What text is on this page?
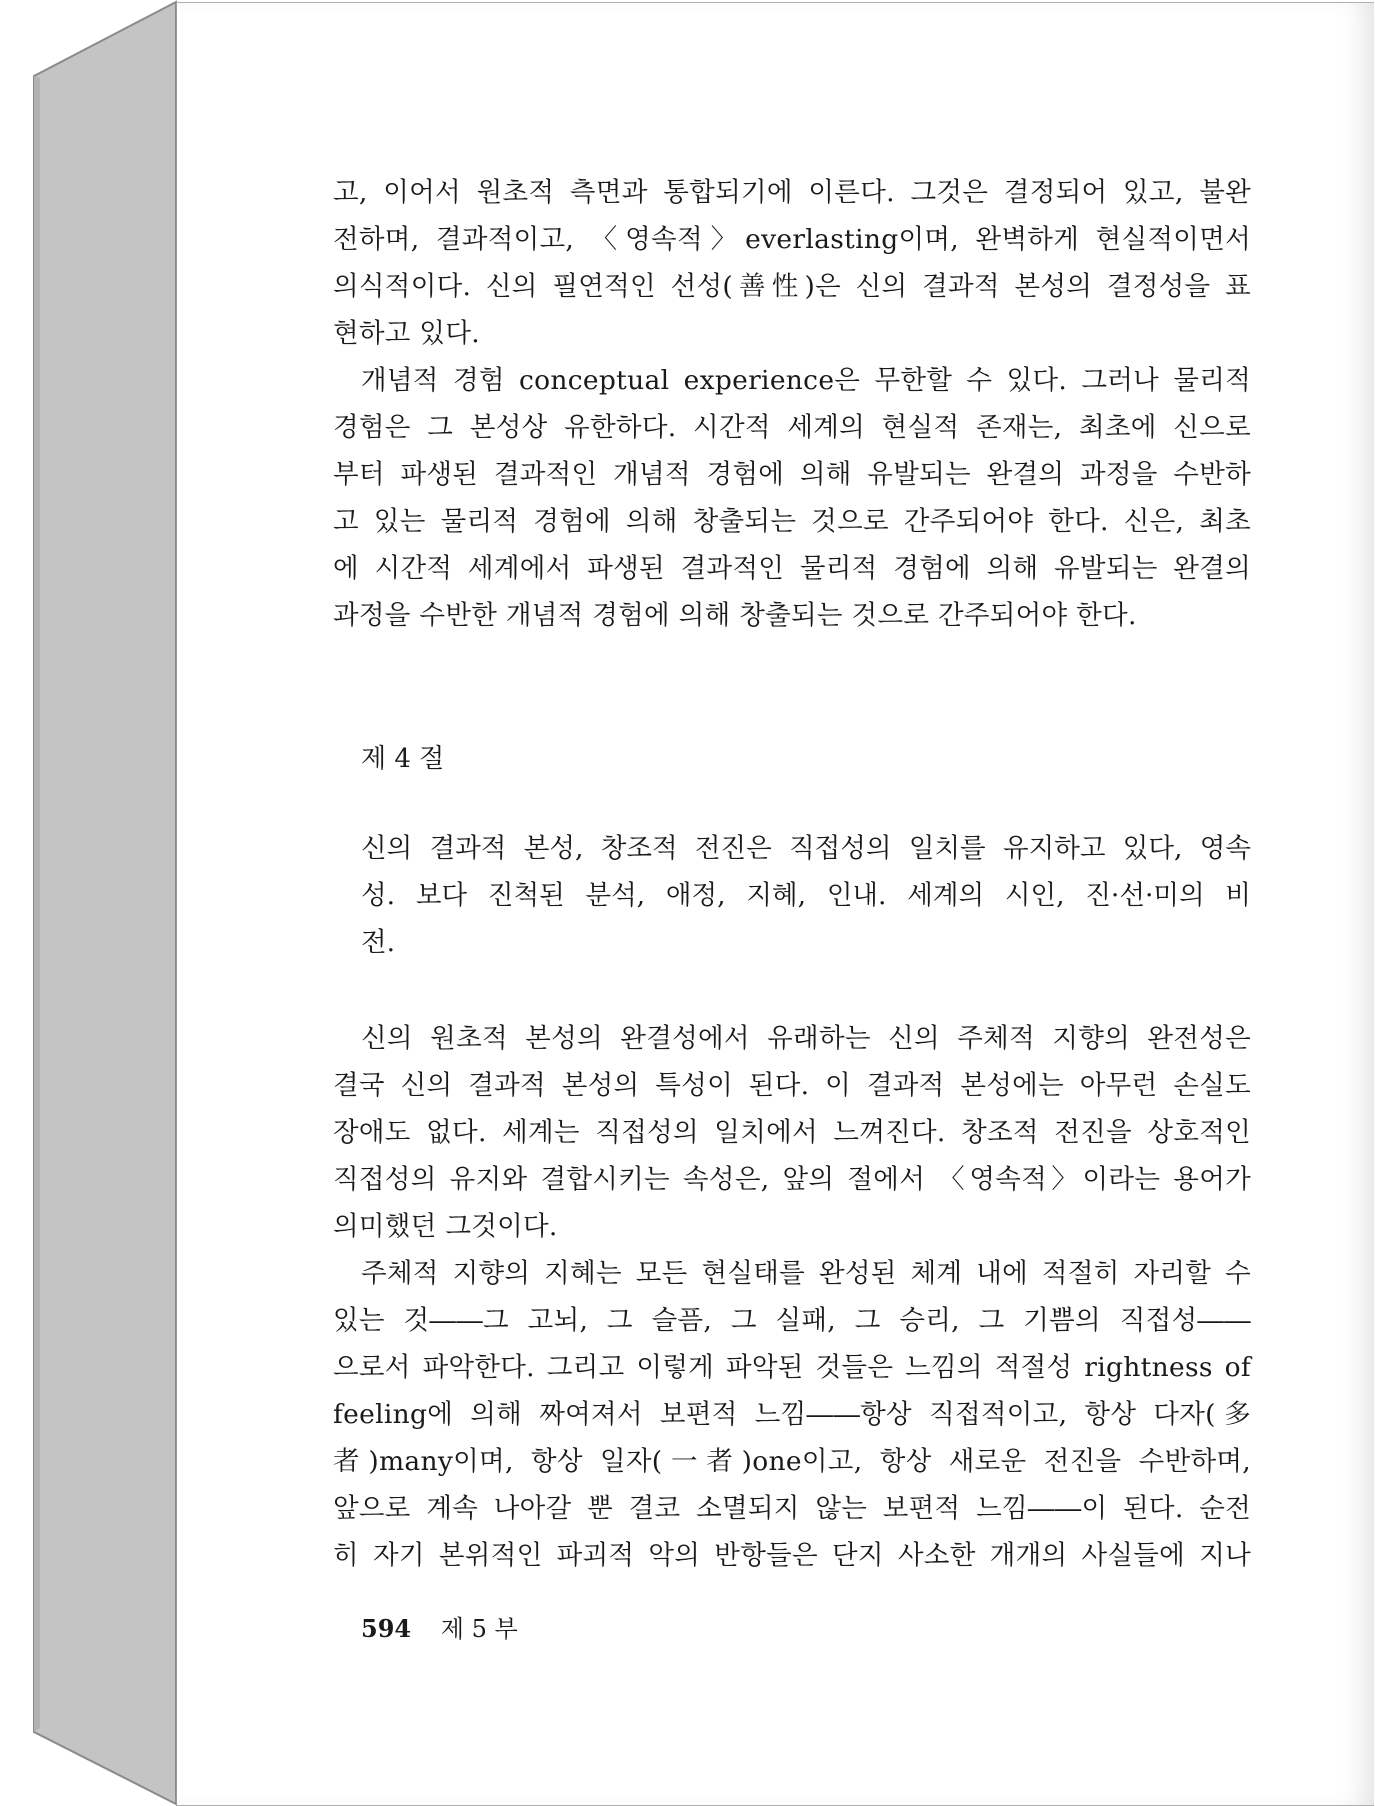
고, 이어서 원초적 측면과 통합되기에 이른다. 그것은 결정되어 있고, 불완
전하며, 결과적이고, 〈영속적〉everlasting이며, 완벽하게 현실적이면서
의식적이다. 신의 필연적인 선성(善性)은 신의 결과적 본성의 결정성을 표
현하고 있다.
개념적 경험 conceptual experience은 무한할 수 있다. 그러나 물리적
경험은 그 본성상 유한하다. 시간적 세계의 현실적 존재는, 최초에 신으로
부터 파생된 결과적인 개념적 경험에 의해 유발되는 완결의 과정을 수반하
고 있는 물리적 경험에 의해 창출되는 것으로 간주되어야 한다. 신은, 최초
에 시간적 세계에서 파생된 결과적인 물리적 경험에 의해 유발되는 완결의
과정을 수반한 개념적 경험에 의해 창출되는 것으로 간주되어야 한다.
제 4 절
신의 결과적 본성, 창조적 전진은 직접성의 일치를 유지하고 있다, 영속
성. 보다 진척된 분석, 애정, 지혜, 인내. 세계의 시인, 진·선·미의 비
전.
신의 원초적 본성의 완결성에서 유래하는 신의 주체적 지향의 완전성은
결국 신의 결과적 본성의 특성이 된다. 이 결과적 본성에는 아무런 손실도
장애도 없다. 세계는 직접성의 일치에서 느껴진다. 창조적 전진을 상호적인
직접성의 유지와 결합시키는 속성은, 앞의 절에서 〈영속적〉이라는 용어가
의미했던 그것이다.
주체적 지향의 지혜는 모든 현실태를 완성된 체계 내에 적절히 자리할 수
있는 것――그 고뇌, 그 슬픔, 그 실패, 그 승리, 그 기쁨의 직접성――
으로서 파악한다. 그리고 이렇게 파악된 것들은 느낌의 적절성 rightness of
feeling에 의해 짜여져서 보편적 느낌――항상 직접적이고, 항상 다자(多
者)many이며, 항상 일자(一者)one이고, 항상 새로운 전진을 수반하며,
앞으로 계속 나아갈 뿐 결코 소멸되지 않는 보편적 느낌――이 된다. 순전
히 자기 본위적인 파괴적 악의 반항들은 단지 사소한 개개의 사실들에 지나
594 제 5 부
